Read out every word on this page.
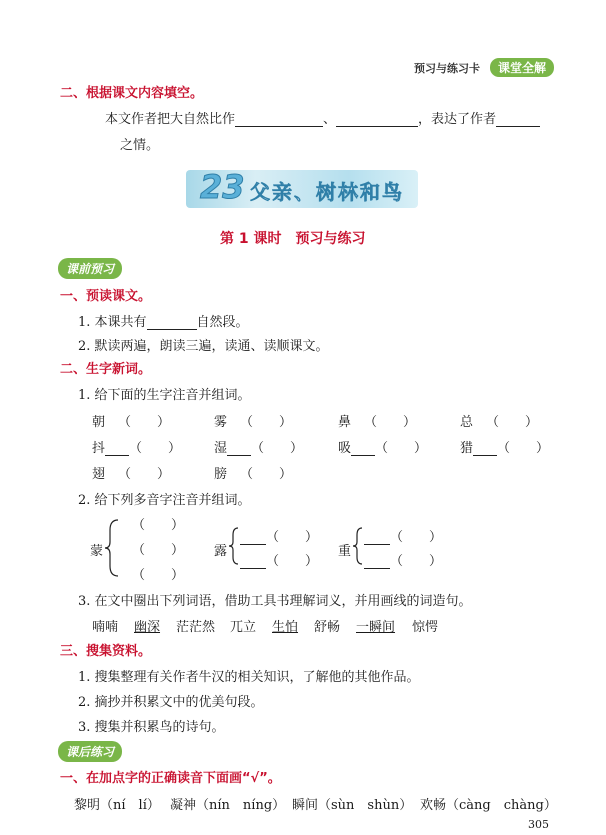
预习与练习卡	课堂全解
二、根据课文内容填空。
本文作者把大自然比作	、	，表达了作者
之情。
23 父亲、树林和鸟
第 1 课时　预习与练习
课前预习
一、预读课文。
1. 本课共有	自然段。
2. 默读两遍，朗读三遍，读通、读顺课文。
二、生字新词。
1. 给下面的生字注音并组词。
朝　 （　　）	雾　 （　　）	鼻　 （　　）	总　 （　　）
抖 （　　）	湿 （　　）	吸 （　　）	猎 （　　）
翅　 （　　）	膀　 （　　）
2. 给下列多音字注音并组词。
蒙
（　　）
（　　）
（　　）
露
（　　）
（　　）
重
（　　）
（　　）
3. 在文中圈出下列词语，借助工具书理解词义，并用画线的词造句。
喃喃 幽深 茫茫然 兀立 生怕 舒畅 一瞬间 惊愕
三、搜集资料。
1. 搜集整理有关作者牛汉的相关知识，了解他的其他作品。
2. 摘抄并积累文中的优美句段。
3. 搜集并积累鸟的诗句。
课后练习
一、在加点字的正确读音下面画“√”。
黎明（ní　lí） 凝神（nín　níng） 瞬间（sùn　shùn） 欢畅（càng　chàng）
305
